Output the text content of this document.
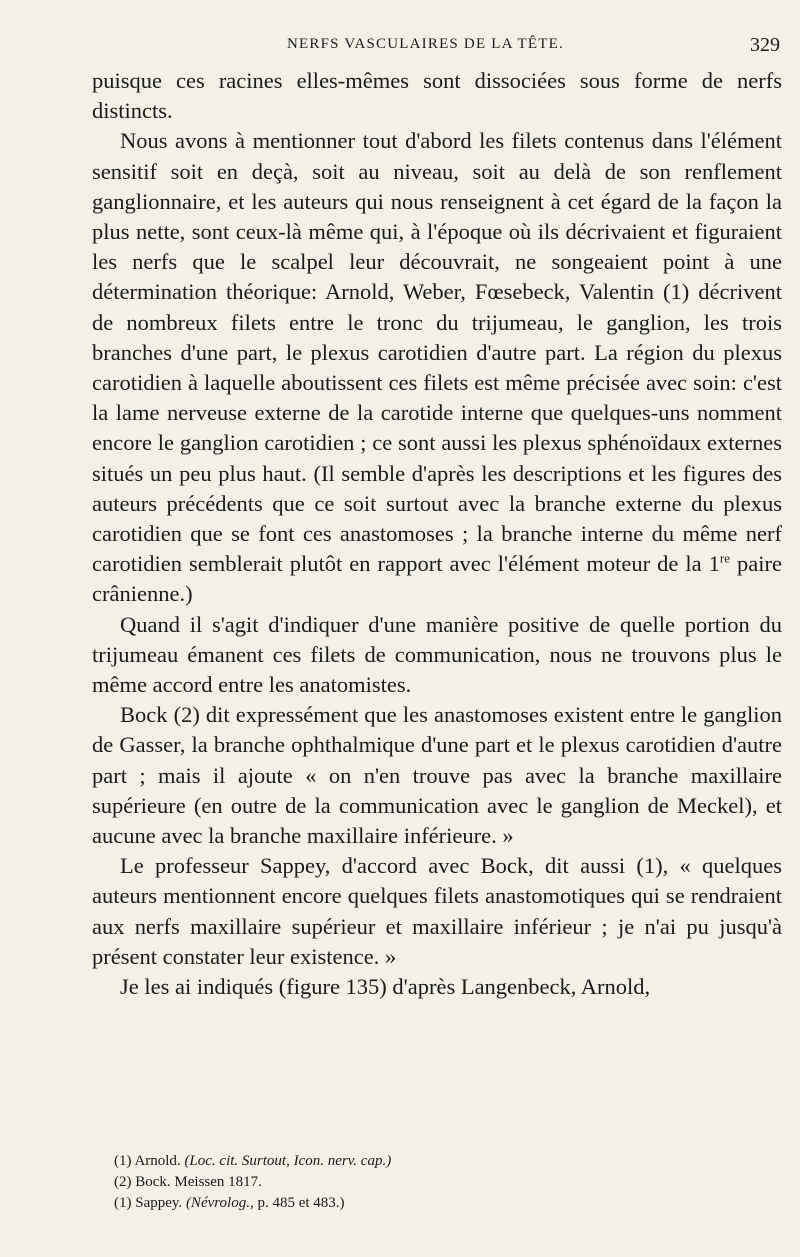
NERFS VASCULAIRES DE LA TÊTE.	329

puisque ces racines elles-mêmes sont dissociées sous forme de nerfs distincts.

Nous avons à mentionner tout d'abord les filets contenus dans l'élément sensitif soit en deçà, soit au niveau, soit au delà de son renflement ganglionnaire, et les auteurs qui nous renseignent à cet égard de la façon la plus nette, sont ceux-là même qui, à l'époque où ils décrivaient et figuraient les nerfs que le scalpel leur découvrait, ne songeaient point à une détermination théorique: Arnold, Weber, Fœsebeck, Valentin (1) décrivent de nombreux filets entre le tronc du trijumeau, le ganglion, les trois branches d'une part, le plexus carotidien d'autre part. La région du plexus carotidien à laquelle aboutissent ces filets est même précisée avec soin: c'est la lame nerveuse externe de la carotide interne que quelques-uns nomment encore le ganglion carotidien ; ce sont aussi les plexus sphénoïdaux externes situés un peu plus haut. (Il semble d'après les descriptions et les figures des auteurs précédents que ce soit surtout avec la branche externe du plexus carotidien que se font ces anastomoses ; la branche interne du même nerf carotidien semblerait plutôt en rapport avec l'élément moteur de la 1re paire crânienne.)

Quand il s'agit d'indiquer d'une manière positive de quelle portion du trijumeau émanent ces filets de communication, nous ne trouvons plus le même accord entre les anatomistes.

Bock (2) dit expressément que les anastomoses existent entre le ganglion de Gasser, la branche ophthalmique d'une part et le plexus carotidien d'autre part ; mais il ajoute « on n'en trouve pas avec la branche maxillaire supérieure (en outre de la communication avec le ganglion de Meckel), et aucune avec la branche maxillaire inférieure. »

Le professeur Sappey, d'accord avec Bock, dit aussi (1), « quelques auteurs mentionnent encore quelques filets anastomotiques qui se rendraient aux nerfs maxillaire supérieur et maxillaire inférieur ; je n'ai pu jusqu'à présent constater leur existence. »

Je les ai indiqués (figure 135) d'après Langenbeck, Arnold,

(1) Arnold. (Loc. cit. Surtout, Icon. nerv. cap.)
(2) Bock. Meissen 1817.
(1) Sappey. (Névrolog., p. 485 et 483.)
